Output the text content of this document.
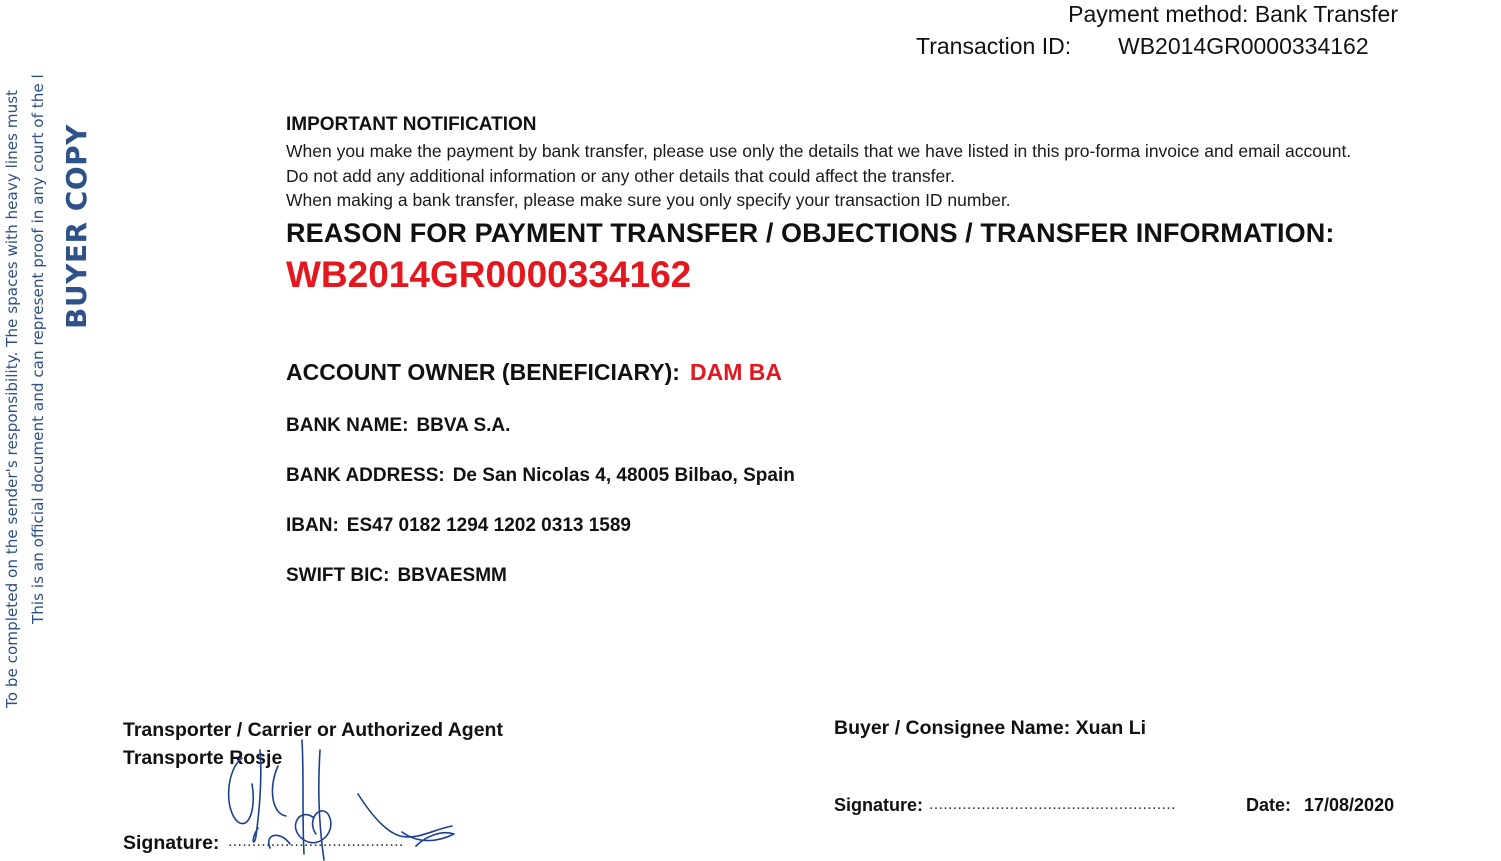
To be completed on the sender's responsibility. The spaces with heavy lines must This is an official document and can represent proof in any court of the l BUYER COPY
Payment method: Bank Transfer
Transaction ID: WB2014GR0000334162
IMPORTANT NOTIFICATION
When you make the payment by bank transfer, please use only the details that we have listed in this pro-forma invoice and email account.
Do not add any additional information or any other details that could affect the transfer.
When making a bank transfer, please make sure you only specify your transaction ID number.
REASON FOR PAYMENT TRANSFER / OBJECTIONS / TRANSFER INFORMATION:
WB2014GR0000334162
ACCOUNT OWNER (BENEFICIARY): DAM BA
BANK NAME: BBVA S.A.
BANK ADDRESS: De San Nicolas 4, 48005 Bilbao, Spain
IBAN: ES47 0182 1294 1202 0313 1589
SWIFT BIC: BBVAESMM
Transporter / Carrier or Authorized Agent
Transporte Rosje
Signature: .....................................
Buyer / Consignee Name: Xuan Li
Signature: ....................................................	Date: 17/08/2020
